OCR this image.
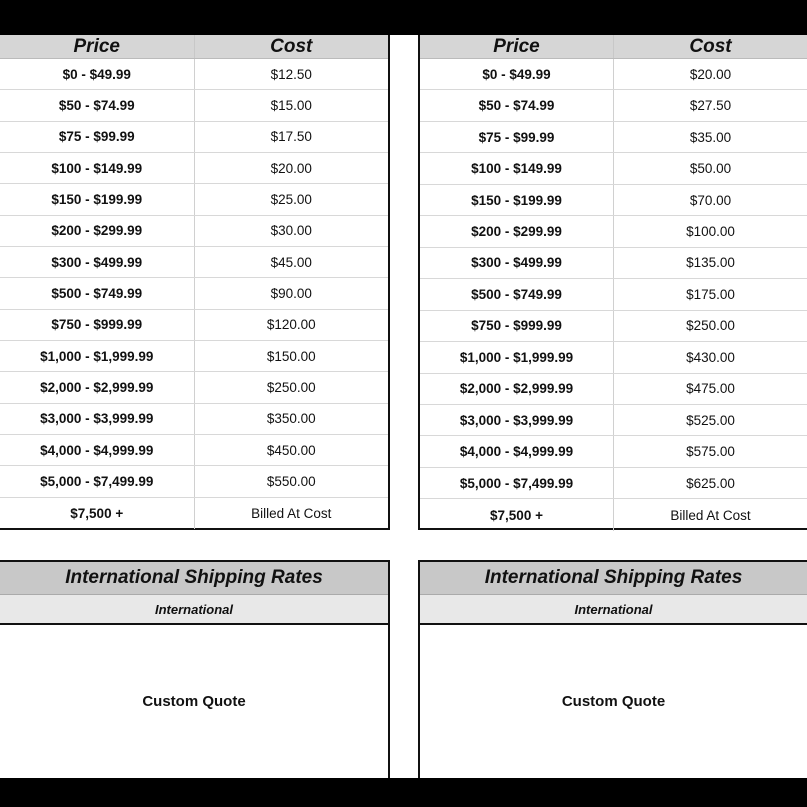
Price	Cost
$0 - $49.99	$12.50
$50 - $74.99	$15.00
$75 - $99.99	$17.50
$100 - $149.99	$20.00
$150 - $199.99	$25.00
$200 - $299.99	$30.00
$300 - $499.99	$45.00
$500 - $749.99	$90.00
$750 - $999.99	$120.00
$1,000 - $1,999.99	$150.00
$2,000 - $2,999.99	$250.00
$3,000 - $3,999.99	$350.00
$4,000 - $4,999.99	$450.00
$5,000 - $7,499.99	$550.00
$7,500 +	Billed At Cost
Price	Cost
$0 - $49.99	$20.00
$50 - $74.99	$27.50
$75 - $99.99	$35.00
$100 - $149.99	$50.00
$150 - $199.99	$70.00
$200 - $299.99	$100.00
$300 - $499.99	$135.00
$500 - $749.99	$175.00
$750 - $999.99	$250.00
$1,000 - $1,999.99	$430.00
$2,000 - $2,999.99	$475.00
$3,000 - $3,999.99	$525.00
$4,000 - $4,999.99	$575.00
$5,000 - $7,499.99	$625.00
$7,500 +	Billed At Cost
International Shipping Rates
International
Custom Quote
International Shipping Rates
International
Custom Quote
